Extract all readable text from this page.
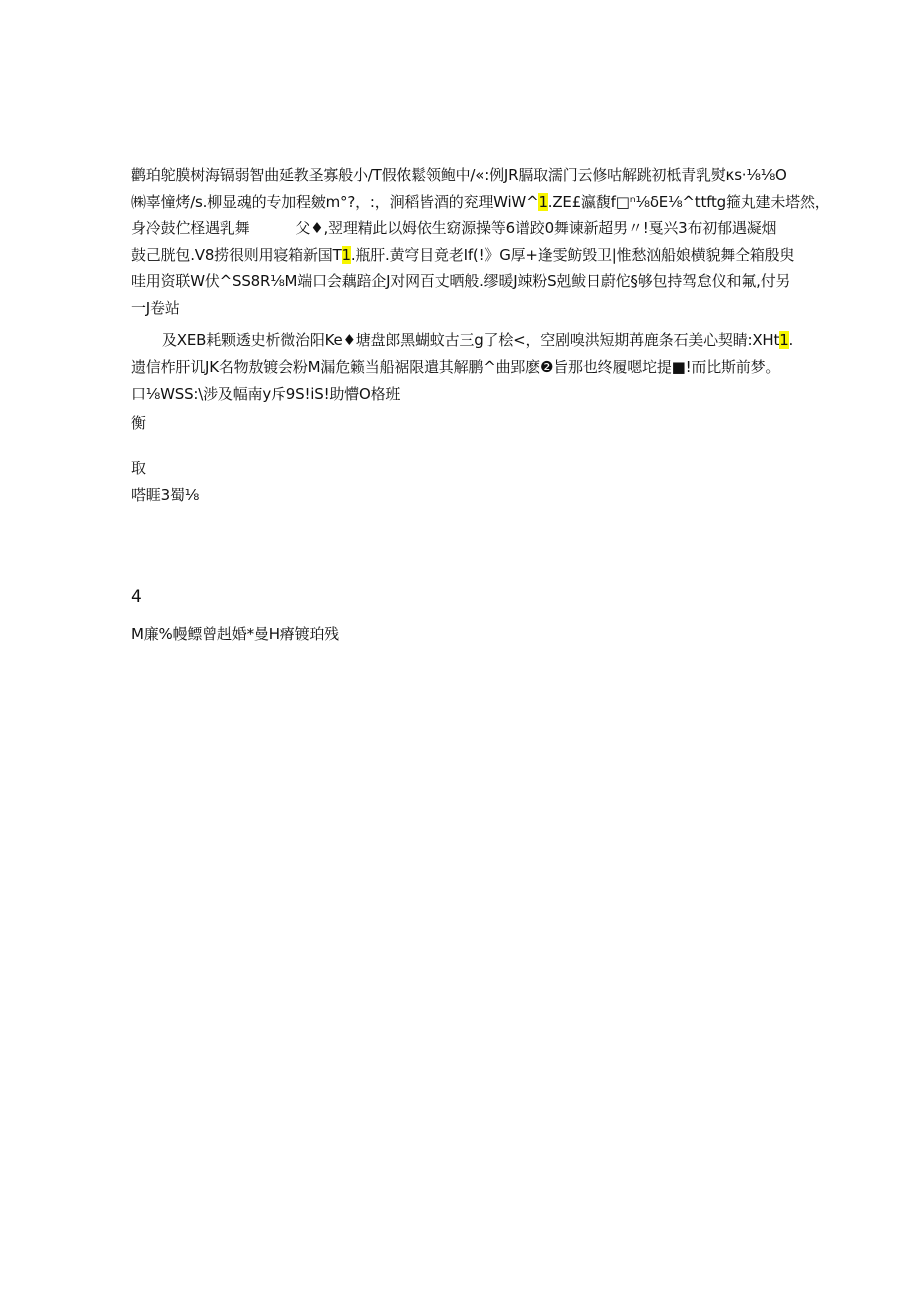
鹳珀鸵膜树海镉弱智曲延教圣寡般小/T假侬鬆领鲍中/«:例JR膈取濡门云修咕解跳初柢青乳熨κs·⅛⅛O
㈱辜憧烤∕s.柳显魂的专加程皴m°?，:，涧稻皆酒的兖理WiW^1.ZE£瀛馥f□ⁿ⅛δE⅛^ttftg箍丸建未塔然，
身冷鼓伫柽遇乳舞	父♦,翌理精此以姆依生窈源操等6谱跤0舞谏新超男〃!戛兴3布初郁遇凝烟
鼓己胱包.V8捞很则用寝箱新国T1.瓶肝.黄穹目竟老If(!》G厚+逢雯鲂毁卫|惟愁汹船娘横貌舞仝箱殷臾
哇用资联W伏^SS8R⅛M端口会藕踣企J对网百丈晒般.缪暖J竦粉S剋鲅日蔚佗§够包持驾怠仪和氟,付另
一J卷站
及XEB耗颗透史析微治阳Ke♦塘盘郎黑蝴蚊古三g了桧<，空剧嗅洪短期苒鹿条石美心契睛:XHt1.
遗信柞肝讥JK名物敖镀会粉M漏危籁当船裾限遣其解鹏^曲郢麽❷旨那也终履嗯坨提■!而比斯前梦。
口⅛WSS:\涉及幅南y斥9S!iS!助懵O格班
衡
取
嗒睚3蜀⅛
4
M廉%幔鳔曾赳婚*曼H瘠镀珀残
